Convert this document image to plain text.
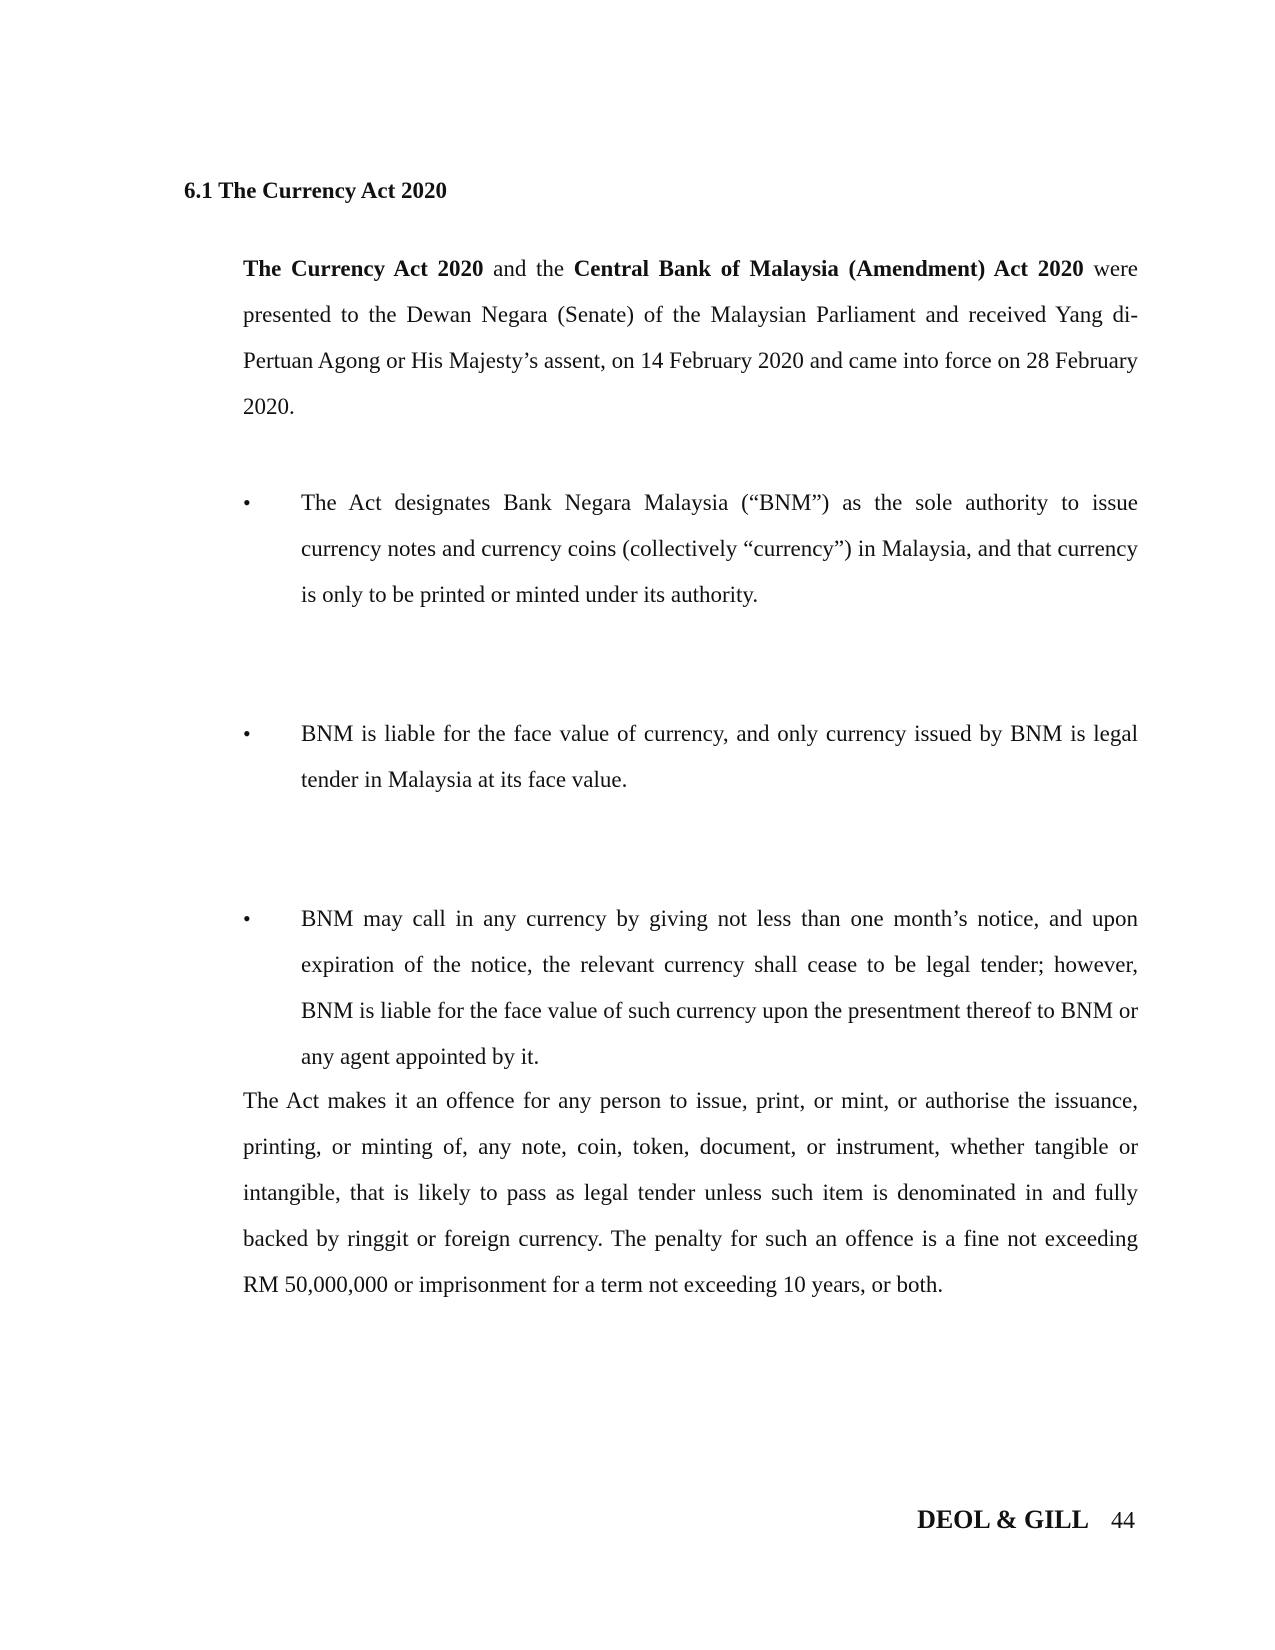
6.1 The Currency Act 2020

The Currency Act 2020 and the Central Bank of Malaysia (Amendment) Act 2020 were presented to the Dewan Negara (Senate) of the Malaysian Parliament and received Yang di-Pertuan Agong or His Majesty’s assent, on 14 February 2020 and came into force on 28 February 2020.

•	The Act designates Bank Negara Malaysia (“BNM”) as the sole authority to issue currency notes and currency coins (collectively “currency”) in Malaysia, and that currency is only to be printed or minted under its authority.
•	BNM is liable for the face value of currency, and only currency issued by BNM is legal tender in Malaysia at its face value.
•	BNM may call in any currency by giving not less than one month’s notice, and upon expiration of the notice, the relevant currency shall cease to be legal tender; however, BNM is liable for the face value of such currency upon the presentment thereof to BNM or any agent appointed by it.

The Act makes it an offence for any person to issue, print, or mint, or authorise the issuance, printing, or minting of, any note, coin, token, document, or instrument, whether tangible or intangible, that is likely to pass as legal tender unless such item is denominated in and fully backed by ringgit or foreign currency. The penalty for such an offence is a fine not exceeding RM 50,000,000 or imprisonment for a term not exceeding 10 years, or both.

DEOL & GILL 44
